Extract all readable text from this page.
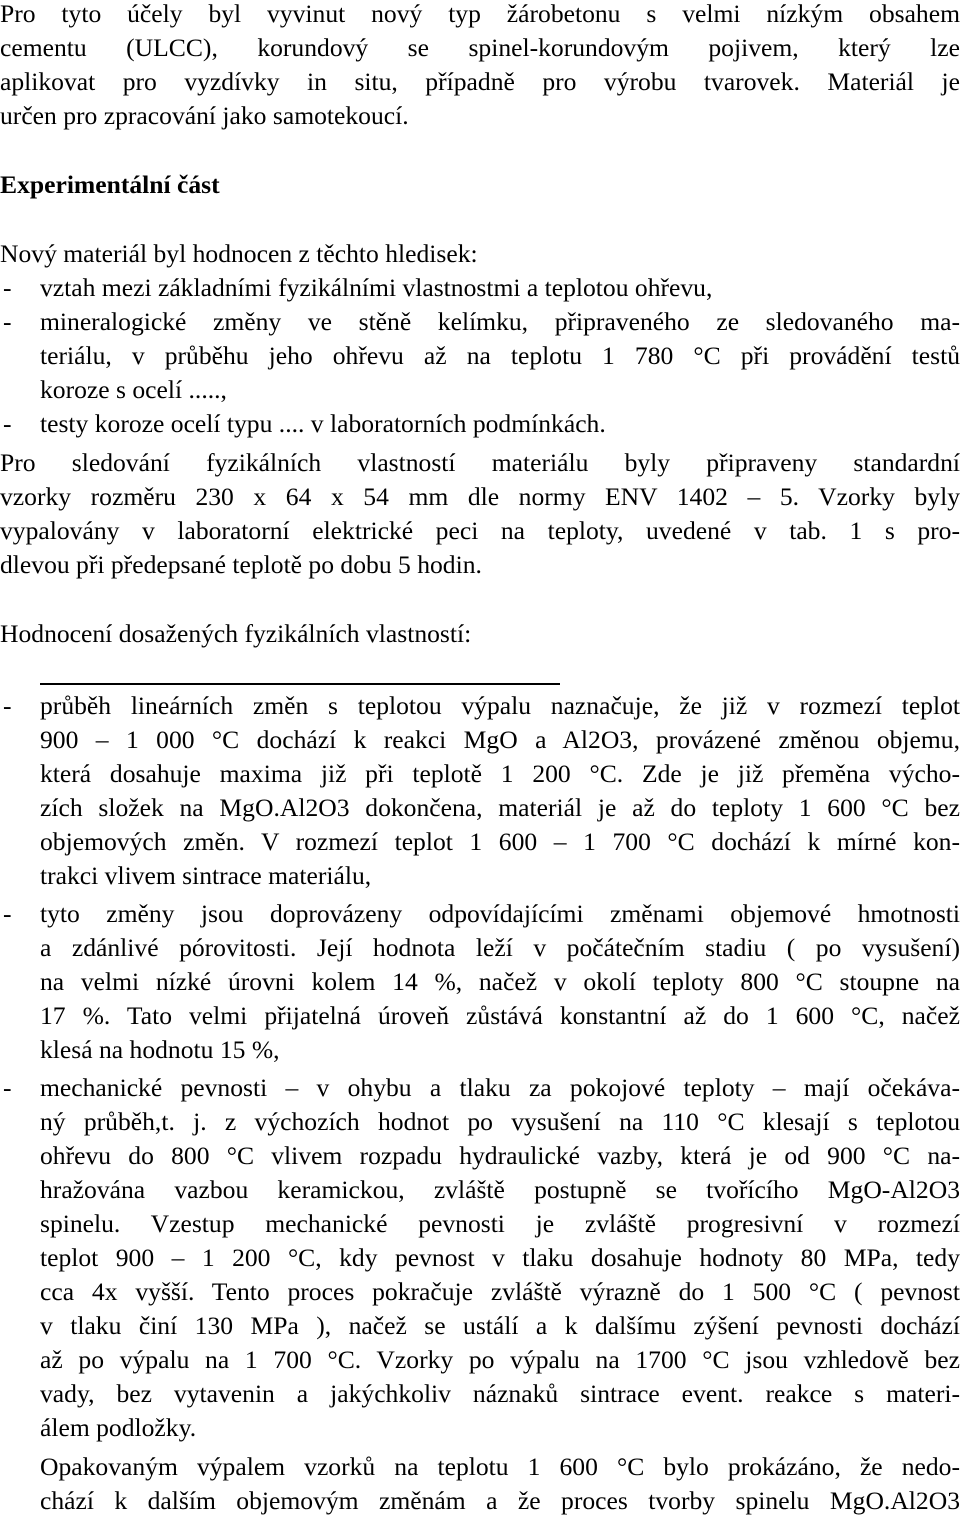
Pro tyto účely byl vyvinut nový typ žárobetonu s velmi nízkým obsahem
cementu (ULCC), korundový se spinel-korundovým pojivem, který lze
aplikovat pro vyzdívky in situ, případně pro výrobu tvarovek. Materiál je
určen pro zpracování jako samotekoucí.
Experimentální část
Nový materiál byl hodnocen z těchto hledisek:
-	vztah mezi základními fyzikálními vlastnostmi a teplotou ohřevu,
-	mineralogické změny ve stěně kelímku, připraveného ze sledovaného ma-
teriálu, v průběhu jeho ohřevu až na teplotu 1 780 °C při provádění testů
koroze s ocelí .....,
-	testy koroze ocelí typu .... v laboratorních podmínkách.
Pro sledování fyzikálních vlastností materiálu byly připraveny standardní
vzorky rozměru 230 x 64 x 54 mm dle normy ENV 1402 – 5. Vzorky byly
vypalovány v laboratorní elektrické peci na teploty, uvedené v tab. 1 s pro-
dlevou při předepsané teplotě po dobu 5 hodin.
Hodnocení dosažených fyzikálních vlastností:
-	průběh lineárních změn s teplotou výpalu naznačuje, že již v rozmezí teplot
900 – 1 000 °C dochází k reakci MgO a Al2O3, provázené změnou objemu,
která dosahuje maxima již při teplotě 1 200 °C. Zde je již přeměna výcho-
zích složek na MgO.Al2O3 dokončena, materiál je až do teploty 1 600 °C bez
objemových změn. V rozmezí teplot 1 600 – 1 700 °C dochází k mírné kon-
trakci vlivem sintrace materiálu,
-	tyto změny jsou doprovázeny odpovídajícími změnami objemové hmotnosti
a zdánlivé pórovitosti. Její hodnota leží v počátečním stadiu ( po vysušení)
na velmi nízké úrovni kolem 14 %, načež v okolí teploty 800 °C stoupne na
17 %. Tato velmi přijatelná úroveň zůstává konstantní až do 1 600 °C, načež
klesá na hodnotu 15 %,
-	mechanické pevnosti – v ohybu a tlaku za pokojové teploty – mají očekáva-
ný průběh,t. j. z výchozích hodnot po vysušení na 110 °C klesají s teplotou
ohřevu do 800 °C vlivem rozpadu hydraulické vazby, která je od 900 °C na-
hražována vazbou keramickou, zvláště postupně se tvořícího MgO-Al2O3
spinelu. Vzestup mechanické pevnosti je zvláště progresivní v rozmezí
teplot 900 – 1 200 °C, kdy pevnost v tlaku dosahuje hodnoty 80 MPa, tedy
cca 4x vyšší. Tento proces pokračuje zvláště výrazně do 1 500 °C ( pevnost
v tlaku činí 130 MPa ), načež se ustálí a k dalšímu zýšení pevnosti dochází
až po výpalu na 1 700 °C. Vzorky po výpalu na 1700 °C jsou vzhledově bez
vady, bez vytavenin a jakýchkoliv náznaků sintrace event. reakce s materi-
álem podložky.
Opakovaným výpalem vzorků na teplotu 1 600 °C bylo prokázáno, že nedo-
chází k dalším objemovým změnám a že proces tvorby spinelu MgO.Al2O3
